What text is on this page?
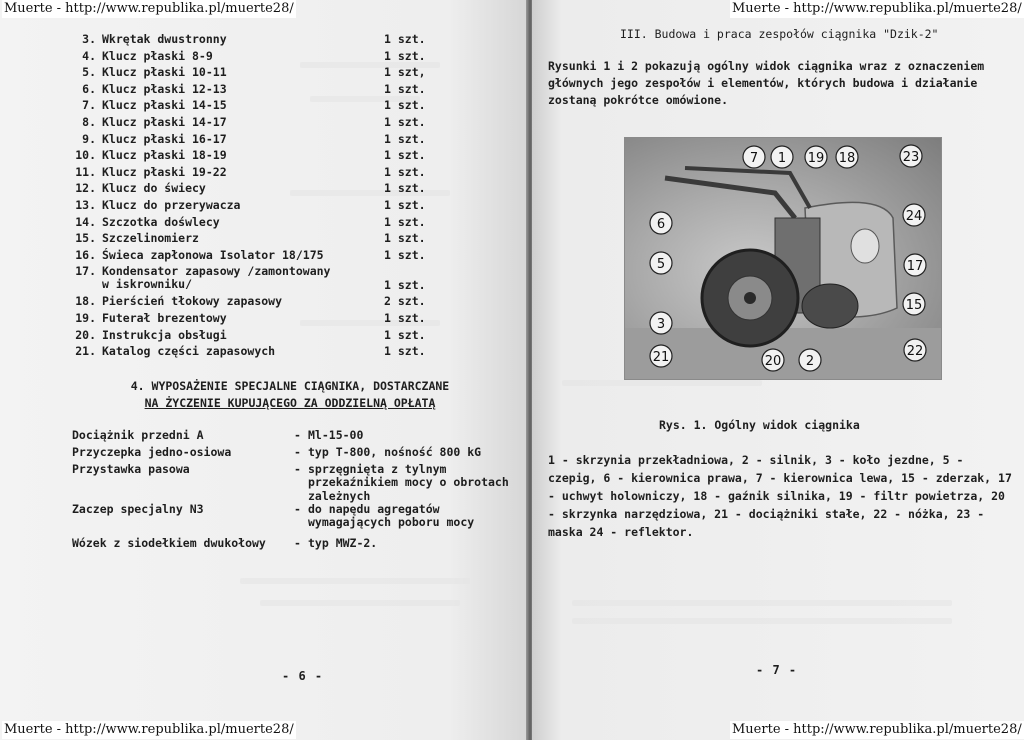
Muerte - http://www.republika.pl/muerte28/	Muerte - http://www.republika.pl/muerte28/
Muerte - http://www.republika.pl/muerte28/	Muerte - http://www.republika.pl/muerte28/
3. Wkrętak dwustronny	1 szt.
4. Klucz płaski 8-9	1 szt.
5. Klucz płaski 10-11	1 szt,
6. Klucz płaski 12-13	1 szt.
7. Klucz płaski 14-15	1 szt.
8. Klucz płaski 14-17	1 szt.
9. Klucz płaski 16-17	1 szt.
10. Klucz płaski 18-19	1 szt.
11. Klucz płaski 19-22	1 szt.
12. Klucz do świecy	1 szt.
13. Klucz do przerywacza	1 szt.
14. Szczotka dośwlecy	1 szt.
15. Szczelinomierz	1 szt.
16. Świeca zapłonowa Isolator 18/175	1 szt.
17. Kondensator zapasowy /zamontowany
w iskrowniku/	1 szt.
18. Pierścień tłokowy zapasowy	2 szt.
19. Futerał brezentowy	1 szt.
20. Instrukcja obsługi	1 szt.
21. Katalog części zapasowych	1 szt.
4. WYPOSAŻENIE SPECJALNE CIĄGNIKA, DOSTARCZANE
NA ŻYCZENIE KUPUJĄCEGO ZA ODDZIELNĄ OPŁATĄ
Dociążnik przedni A	- Ml-15-00
Przyczepka jedno-osiowa	- typ T-800, nośność 800 kG
Przystawka pasowa	- sprzęgnięta z tylnym przekaźnikiem mocy o obrotach zależnych
Zaczep specjalny N3	- do napędu agregatów wymagających poboru mocy
Wózek z siodełkiem dwukołowy - typ MWZ-2.
- 6 -
III. Budowa i praca zespołów ciągnika "Dzik-2"
Rysunki 1 i 2 pokazują ogólny widok ciągnika wraz z oznaczeniem głównych jego zespołów i elementów, których budowa i działanie zostaną pokrótce omówione.
7 1 19 18	23
6
24
5	17
15
3
21	20 2
22
Rys. 1. Ogólny widok ciągnika
1 - skrzynia przekładniowa, 2 - silnik, 3 - koło jezdne, 5 - czepig, 6 - kierownica prawa, 7 - kierownica lewa, 15 - zderzak, 17 - uchwyt holowniczy, 18 - gaźnik silnika, 19 - filtr powietrza, 20 - skrzynka narzędziowa, 21 - dociążniki stałe, 22 - nóżka, 23 - maska 24 - reflektor.
- 7 -
